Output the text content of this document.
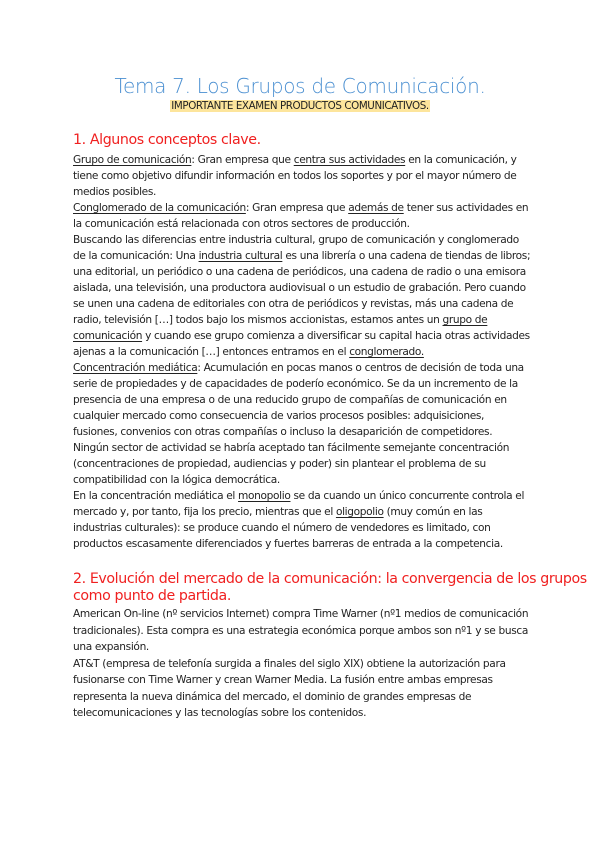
Tema 7. Los Grupos de Comunicación.
IMPORTANTE EXAMEN PRODUCTOS COMUNICATIVOS.
1. Algunos conceptos clave.
Grupo de comunicación: Gran empresa que centra sus actividades en la comunicación, y
tiene como objetivo difundir información en todos los soportes y por el mayor número de
medios posibles.
Conglomerado de la comunicación: Gran empresa que además de tener sus actividades en
la comunicación está relacionada con otros sectores de producción.
Buscando las diferencias entre industria cultural, grupo de comunicación y conglomerado
de la comunicación: Una industria cultural es una librería o una cadena de tiendas de libros;
una editorial, un periódico o una cadena de periódicos, una cadena de radio o una emisora
aislada, una televisión, una productora audiovisual o un estudio de grabación. Pero cuando
se unen una cadena de editoriales con otra de periódicos y revistas, más una cadena de
radio, televisión […] todos bajo los mismos accionistas, estamos antes un grupo de
comunicación y cuando ese grupo comienza a diversificar su capital hacia otras actividades
ajenas a la comunicación […] entonces entramos en el conglomerado.
Concentración mediática: Acumulación en pocas manos o centros de decisión de toda una
serie de propiedades y de capacidades de poderío económico. Se da un incremento de la
presencia de una empresa o de una reducido grupo de compañías de comunicación en
cualquier mercado como consecuencia de varios procesos posibles: adquisiciones,
fusiones, convenios con otras compañías o incluso la desaparición de competidores.
Ningún sector de actividad se habría aceptado tan fácilmente semejante concentración
(concentraciones de propiedad, audiencias y poder) sin plantear el problema de su
compatibilidad con la lógica democrática.
En la concentración mediática el monopolio se da cuando un único concurrente controla el
mercado y, por tanto, fija los precio, mientras que el oligopolio (muy común en las
industrias culturales): se produce cuando el número de vendedores es limitado, con
productos escasamente diferenciados y fuertes barreras de entrada a la competencia.
2. Evolución del mercado de la comunicación: la convergencia de los grupos
como punto de partida.
American On-line (nº servicios Internet) compra Time Warner (nº1 medios de comunicación
tradicionales). Esta compra es una estrategia económica porque ambos son nº1 y se busca
una expansión.
AT&T (empresa de telefonía surgida a finales del siglo XIX) obtiene la autorización para
fusionarse con Time Warner y crean Warner Media. La fusión entre ambas empresas
representa la nueva dinámica del mercado, el dominio de grandes empresas de
telecomunicaciones y las tecnologías sobre los contenidos.
